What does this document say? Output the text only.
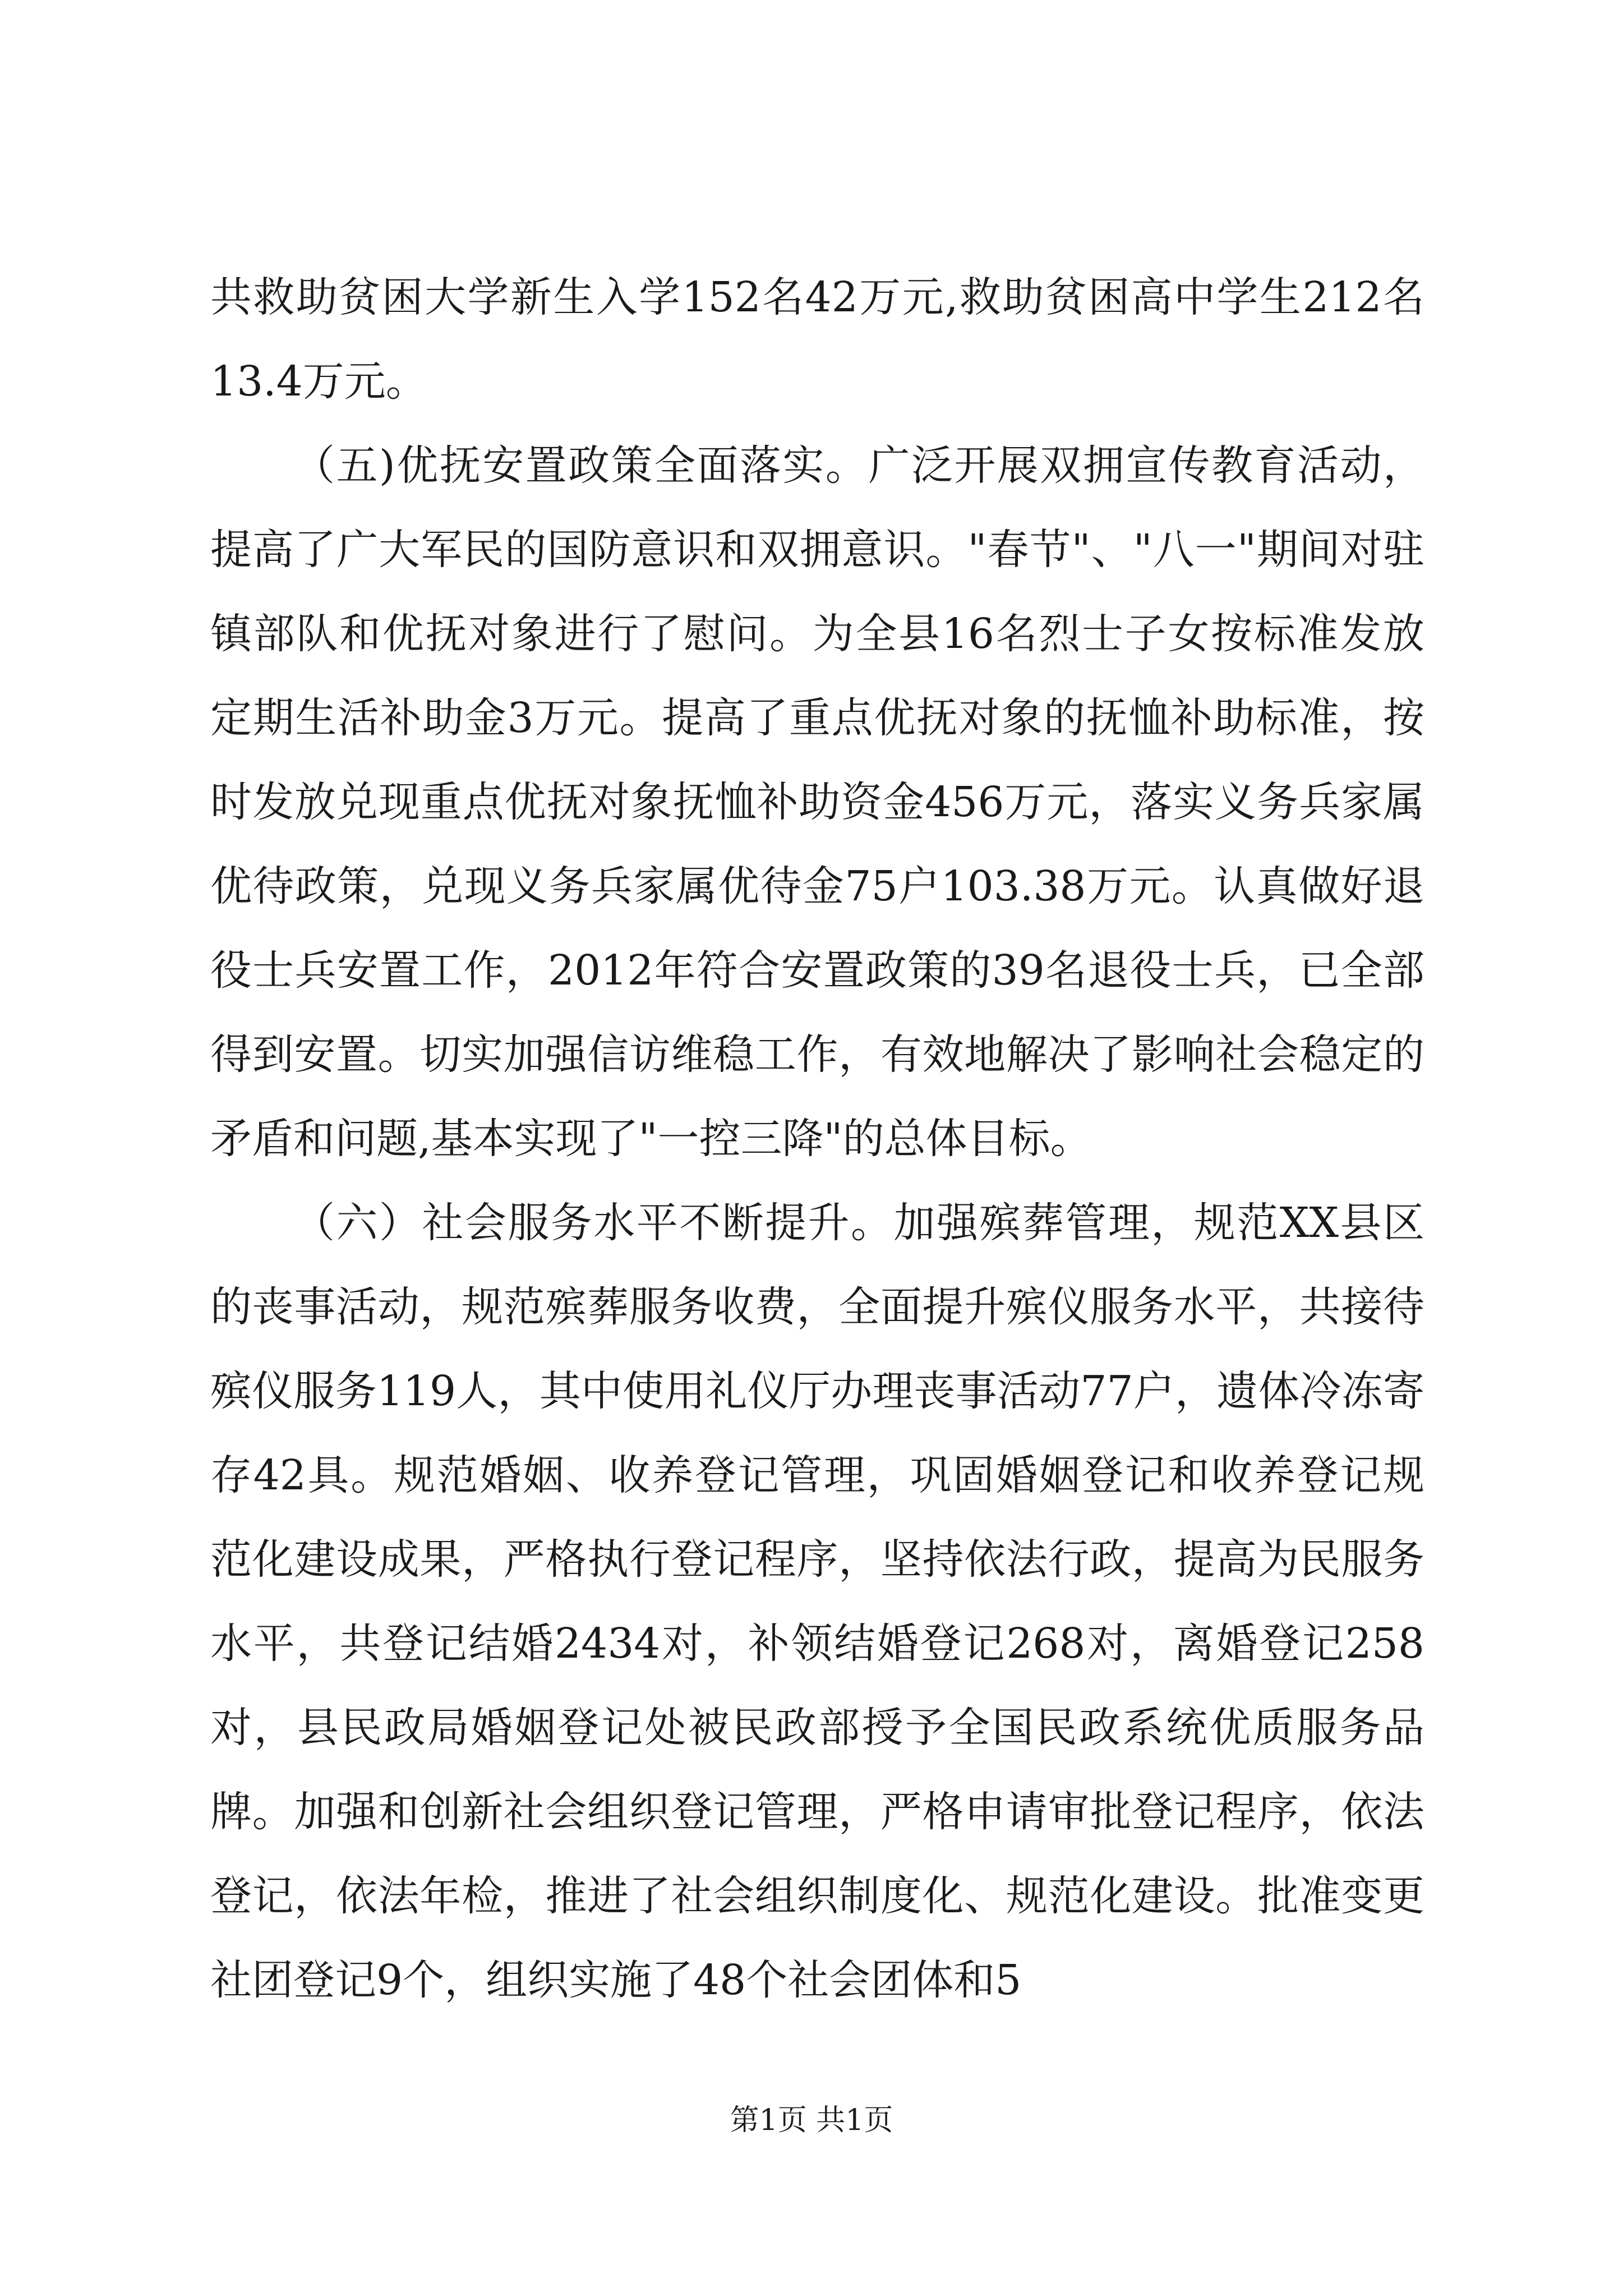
共救助贫困大学新生入学152名42万元,救助贫困高中学生212名13.4万元。

（五)优抚安置政策全面落实。广泛开展双拥宣传教育活动，提高了广大军民的国防意识和双拥意识。"春节"、"八一"期间对驻镇部队和优抚对象进行了慰问。为全县16名烈士子女按标准发放定期生活补助金3万元。提高了重点优抚对象的抚恤补助标准，按时发放兑现重点优抚对象抚恤补助资金456万元，落实义务兵家属优待政策，兑现义务兵家属优待金75户103.38万元。认真做好退役士兵安置工作，2012年符合安置政策的39名退役士兵，已全部得到安置。切实加强信访维稳工作，有效地解决了影响社会稳定的矛盾和问题,基本实现了"一控三降"的总体目标。

（六）社会服务水平不断提升。加强殡葬管理，规范XX县区的丧事活动，规范殡葬服务收费，全面提升殡仪服务水平，共接待殡仪服务119人，其中使用礼仪厅办理丧事活动77户，遗体冷冻寄存42具。规范婚姻、收养登记管理，巩固婚姻登记和收养登记规范化建设成果，严格执行登记程序，坚持依法行政，提高为民服务水平，共登记结婚2434对，补领结婚登记268对，离婚登记258对，县民政局婚姻登记处被民政部授予全国民政系统优质服务品牌。加强和创新社会组织登记管理，严格申请审批登记程序，依法登记，依法年检，推进了社会组织制度化、规范化建设。批准变更社团登记9个，组织实施了48个社会团体和5

第1页 共1页
